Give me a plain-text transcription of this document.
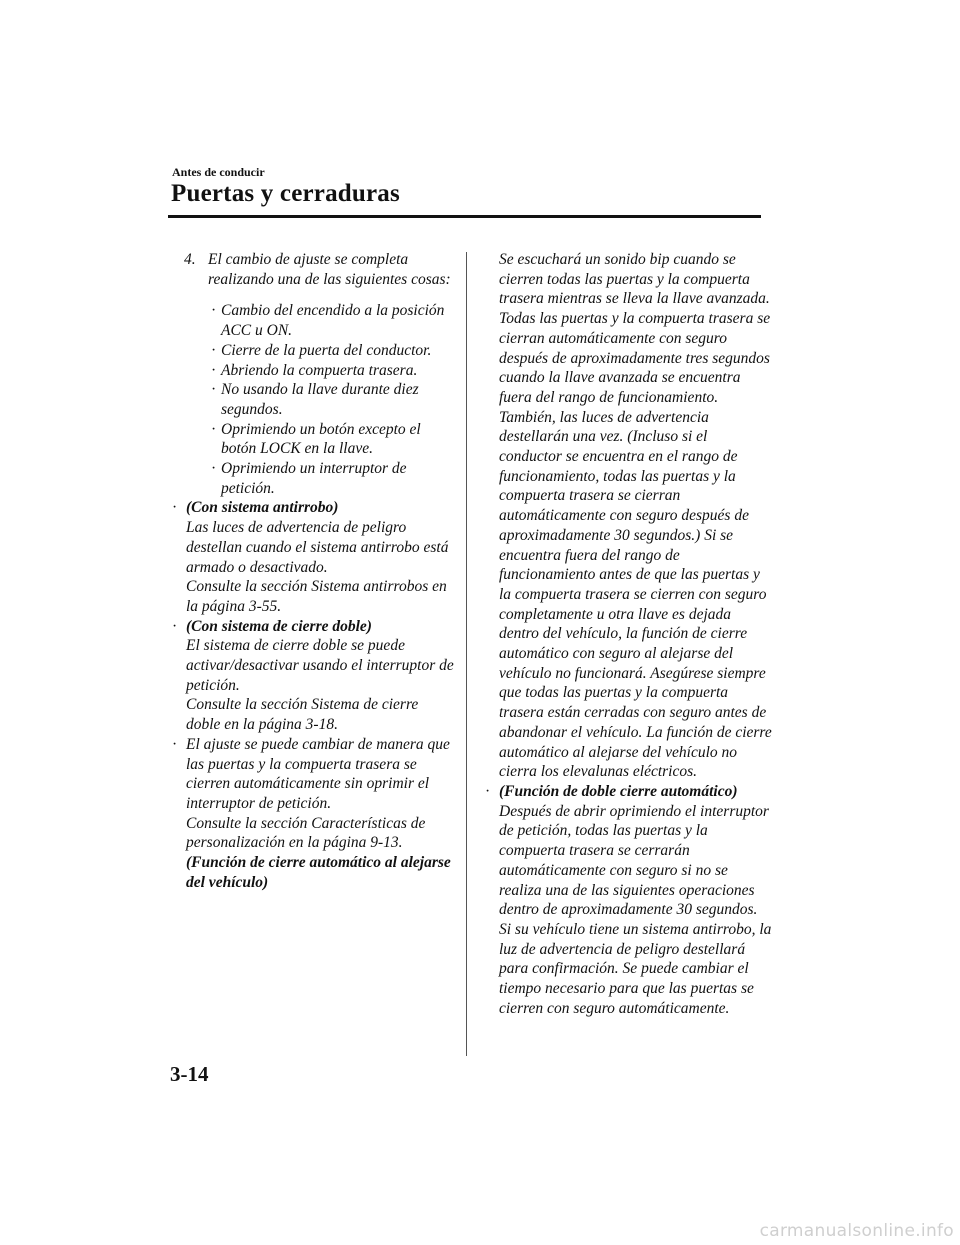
Antes de conducir
Puertas y cerraduras
4. El cambio de ajuste se completa realizando una de las siguientes cosas:
· Cambio del encendido a la posición ACC u ON.
· Cierre de la puerta del conductor.
· Abriendo la compuerta trasera.
· No usando la llave durante diez segundos.
· Oprimiendo un botón excepto el botón LOCK en la llave.
· Oprimiendo un interruptor de petición.
· (Con sistema antirrobo)

Las luces de advertencia de peligro destellan cuando el sistema antirrobo está armado o desactivado.

Consulte la sección Sistema antirrobos en la página 3-55.

· (Con sistema de cierre doble)

El sistema de cierre doble se puede activar/desactivar usando el interruptor de petición.

Consulte la sección Sistema de cierre doble en la página 3-18.

· El ajuste se puede cambiar de manera que las puertas y la compuerta trasera se cierren automáticamente sin oprimir el interruptor de petición.

Consulte la sección Características de personalización en la página 9-13.

(Función de cierre automático al alejarse del vehículo)

Se escuchará un sonido bip cuando se cierren todas las puertas y la compuerta trasera mientras se lleva la llave avanzada. Todas las puertas y la compuerta trasera se cierran automáticamente con seguro después de aproximadamente tres segundos cuando la llave avanzada se encuentra fuera del rango de funcionamiento. También, las luces de advertencia destellarán una vez. (Incluso si el conductor se encuentra en el rango de funcionamiento, todas las puertas y la compuerta trasera se cierran automáticamente con seguro después de aproximadamente 30 segundos.) Si se encuentra fuera del rango de funcionamiento antes de que las puertas y la compuerta trasera se cierren con seguro completamente u otra llave es dejada dentro del vehículo, la función de cierre automático con seguro al alejarse del vehículo no funcionará. Asegúrese siempre que todas las puertas y la compuerta trasera están cerradas con seguro antes de abandonar el vehículo. La función de cierre automático al alejarse del vehículo no cierra los elevalunas eléctricos.

· (Función de doble cierre automático)

Después de abrir oprimiendo el interruptor de petición, todas las puertas y la compuerta trasera se cerrarán automáticamente con seguro si no se realiza una de las siguientes operaciones dentro de aproximadamente 30 segundos. Si su vehículo tiene un sistema antirrobo, la luz de advertencia de peligro destellará para confirmación. Se puede cambiar el tiempo necesario para que las puertas se cierren con seguro automáticamente.

3-14
carmanualsonline.info
